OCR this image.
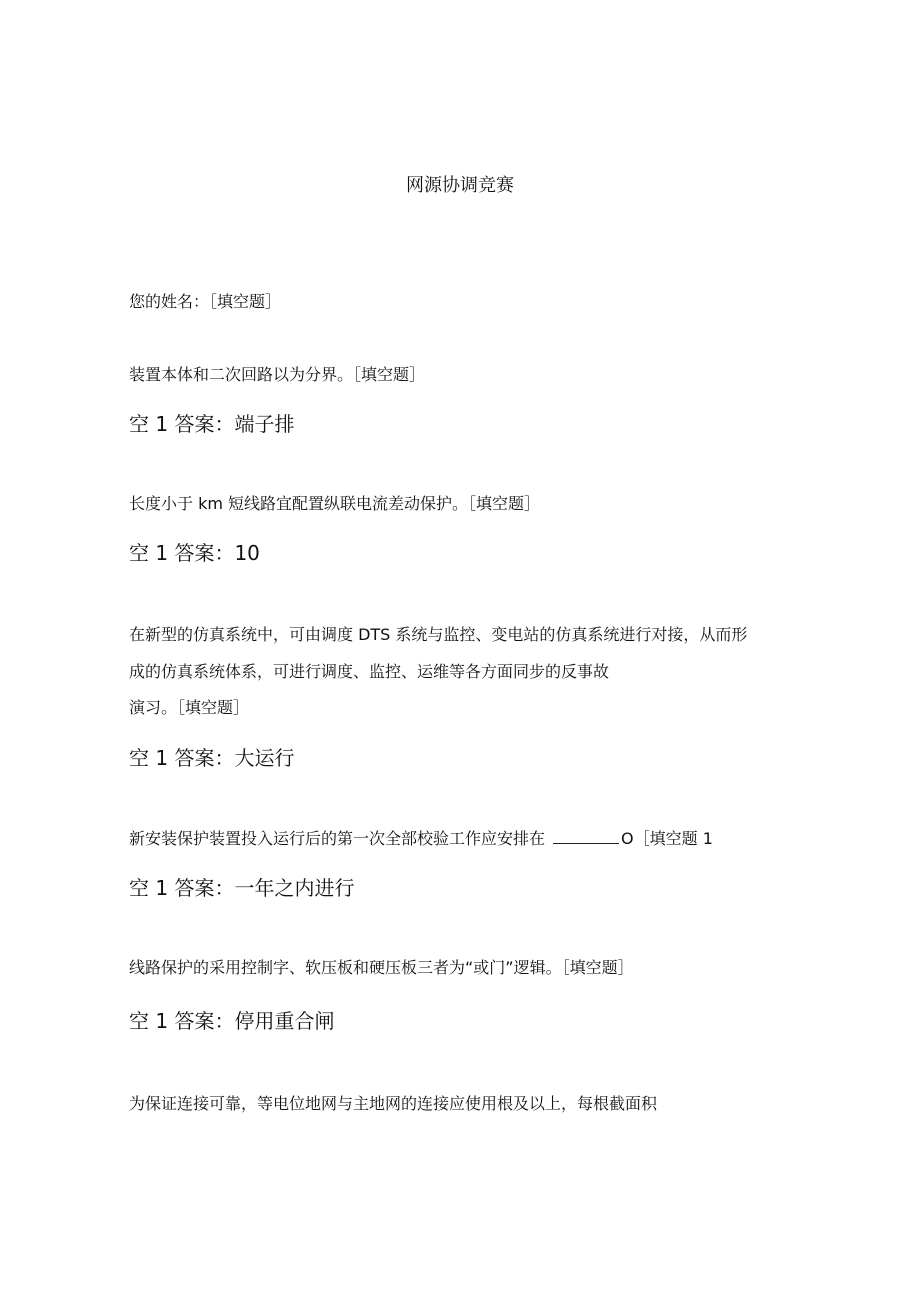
网源协调竞赛
您的姓名：［填空题］
装置本体和二次回路以为分界。［填空题］
空 1 答案：端子排
长度小于 km 短线路宜配置纵联电流差动保护。［填空题］
空 1 答案：10
在新型的仿真系统中，可由调度 DTS 系统与监控、变电站的仿真系统进行对接，从而形
成的仿真系统体系，可进行调度、监控、运维等各方面同步的反事故
演习。［填空题］
空 1 答案：大运行
新安装保护装置投入运行后的第一次全部校验工作应安排在	O［填空题 1
空 1 答案：一年之内进行
线路保护的采用控制字、软压板和硬压板三者为“或门”逻辑。［填空题］
空 1 答案：停用重合闸
为保证连接可靠，等电位地网与主地网的连接应使用根及以上，每根截面积
